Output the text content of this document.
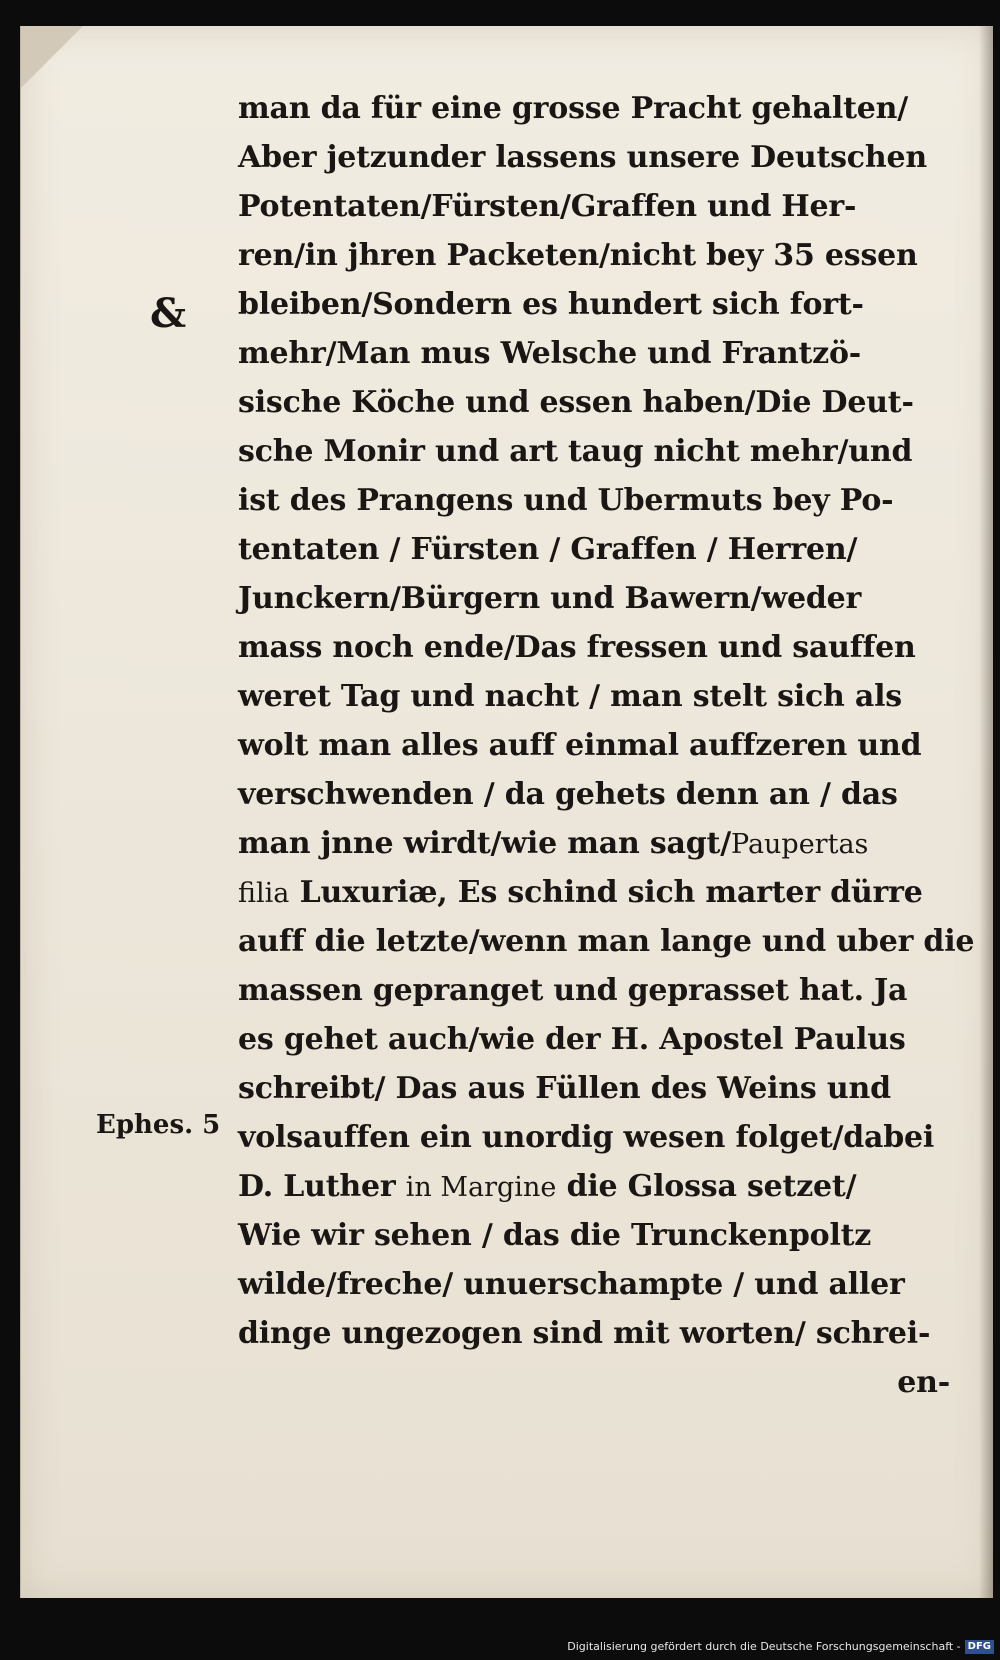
&
Ephes. 5
man da für eine grosse Pracht gehalten/
Aber jetzunder lassens unsere Deutschen
Potentaten/Fürsten/Graffen und Her-
ren/in jhren Packeten/nicht bey 35 essen
bleiben/Sondern es hundert sich fort-
mehr/Man mus Welsche und Frantzö-
sische Köche und essen haben/Die Deut-
sche Monir und art taug nicht mehr/und
ist des Prangens und Ubermuts bey Po-
tentaten / Fürsten / Graffen / Herren/
Junckern/Bürgern und Bawern/weder
mass noch ende/Das fressen und sauffen
weret Tag und nacht / man stelt sich als
wolt man alles auff einmal auffzeren und
verschwenden / da gehets denn an / das
man jnne wirdt/wie man sagt/Paupertas
filia Luxuriæ, Es schind sich marter dürre
auff die letzte/wenn man lange und uber die
massen gepranget und geprasset hat. Ja
es gehet auch/wie der H. Apostel Paulus
schreibt/ Das aus Füllen des Weins und
volsauffen ein unordig wesen folget/dabei
D. Luther in Margine die Glossa setzet/
Wie wir sehen / das die Trunckenpoltz
wilde/freche/ unuerschampte / und aller
dinge ungezogen sind mit worten/ schrei-
en-
Digitalisierung gefördert durch die Deutsche Forschungsgemeinschaft - DFG
